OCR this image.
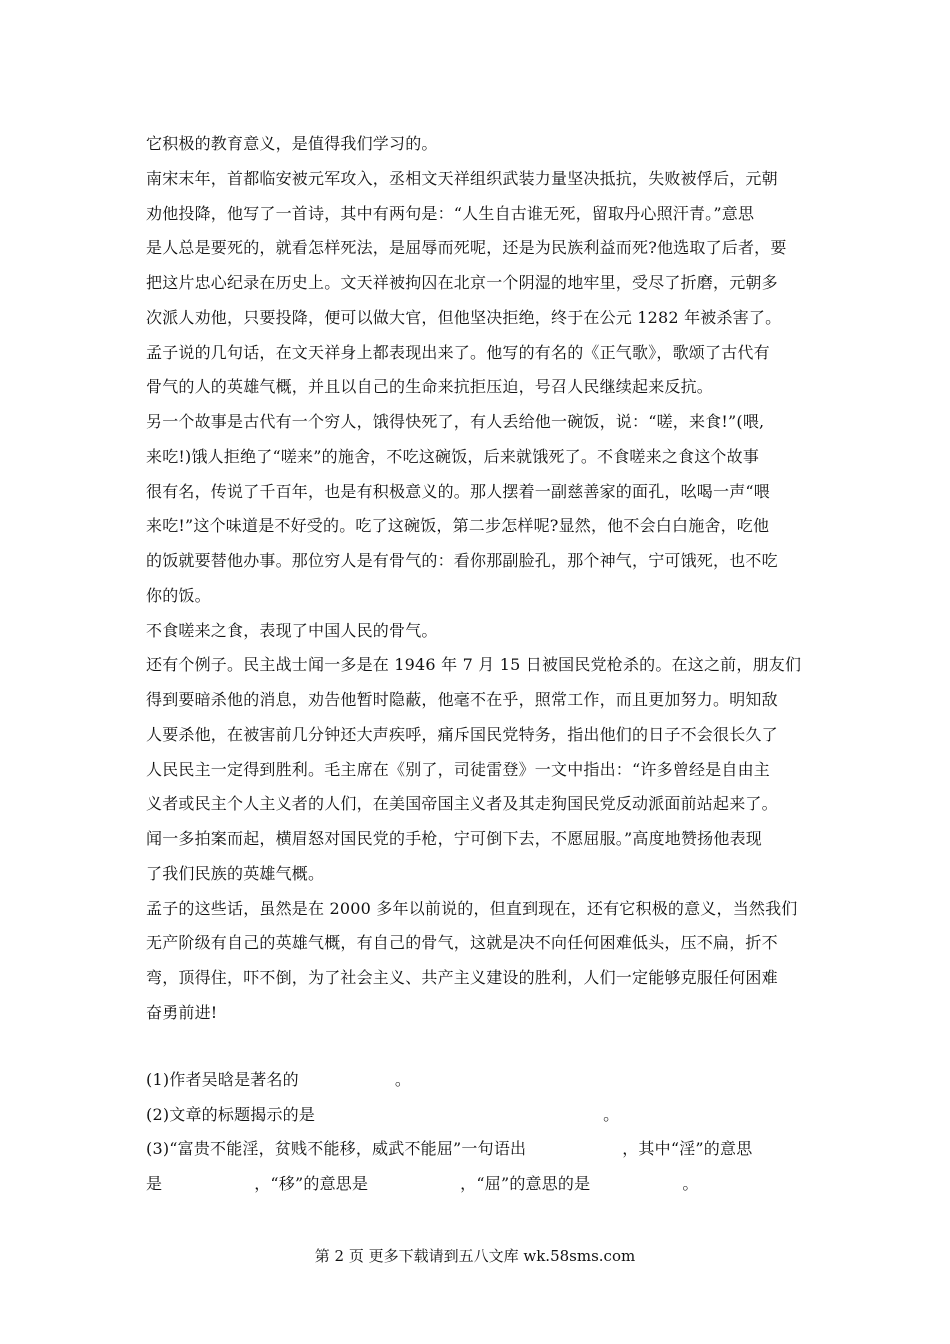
它积极的教育意义，是值得我们学习的。
南宋末年，首都临安被元军攻入，丞相文天祥组织武装力量坚决抵抗，失败被俘后，元朝
劝他投降，他写了一首诗，其中有两句是：“人生自古谁无死，留取丹心照汗青。”意思
是人总是要死的，就看怎样死法，是屈辱而死呢，还是为民族利益而死?他选取了后者，要
把这片忠心纪录在历史上。文天祥被拘囚在北京一个阴湿的地牢里，受尽了折磨，元朝多
次派人劝他，只要投降，便可以做大官，但他坚决拒绝，终于在公元 1282 年被杀害了。
孟子说的几句话，在文天祥身上都表现出来了。他写的有名的《正气歌》，歌颂了古代有
骨气的人的英雄气概，并且以自己的生命来抗拒压迫，号召人民继续起来反抗。
另一个故事是古代有一个穷人，饿得快死了，有人丢给他一碗饭，说：“嗟，来食!”(喂,
来吃!)饿人拒绝了“嗟来”的施舍，不吃这碗饭，后来就饿死了。不食嗟来之食这个故事
很有名，传说了千百年，也是有积极意义的。那人摆着一副慈善家的面孔，吆喝一声“喂
来吃!”这个味道是不好受的。吃了这碗饭，第二步怎样呢?显然，他不会白白施舍，吃他
的饭就要替他办事。那位穷人是有骨气的：看你那副脸孔，那个神气，宁可饿死，也不吃
你的饭。
不食嗟来之食，表现了中国人民的骨气。
还有个例子。民主战士闻一多是在 1946 年 7 月 15 日被国民党枪杀的。在这之前，朋友们
得到要暗杀他的消息，劝告他暂时隐蔽，他毫不在乎，照常工作，而且更加努力。明知敌
人要杀他，在被害前几分钟还大声疾呼，痛斥国民党特务，指出他们的日子不会很长久了
人民民主一定得到胜利。毛主席在《别了，司徒雷登》一文中指出：“许多曾经是自由主
义者或民主个人主义者的人们，在美国帝国主义者及其走狗国民党反动派面前站起来了。
闻一多拍案而起，横眉怒对国民党的手枪，宁可倒下去，不愿屈服。”高度地赞扬他表现
了我们民族的英雄气概。
孟子的这些话，虽然是在 2000 多年以前说的，但直到现在，还有它积极的意义，当然我们
无产阶级有自己的英雄气概，有自己的骨气，这就是决不向任何困难低头，压不扁，折不
弯，顶得住，吓不倒，为了社会主义、共产主义建设的胜利，人们一定能够克服任何困难
奋勇前进!
(1)作者吴晗是著名的	。
(2)文章的标题揭示的是	。
(3)“富贵不能淫，贫贱不能移，威武不能屈”一句语出	，其中“淫”的意思
是	，“移”的意思是	，“屈”的意思的是	。
第 2 页 更多下载请到五八文库 wk.58sms.com
